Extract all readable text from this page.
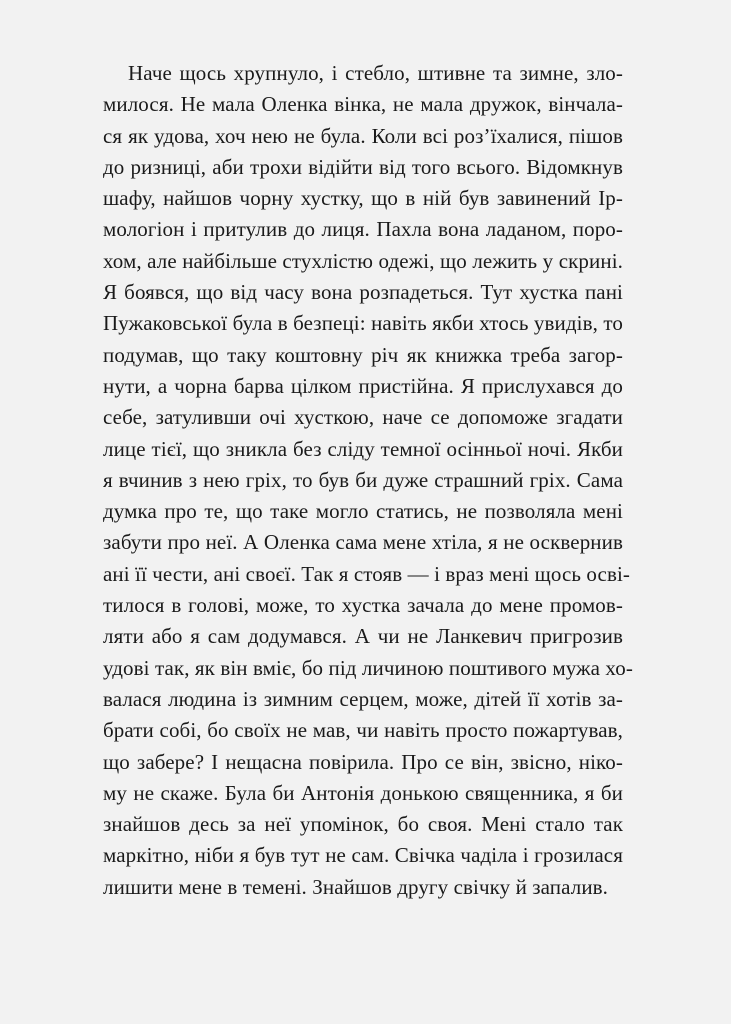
Наче щось хрупнуло, і стебло, штивне та зимне, зло-
милося. Не мала Оленка вінка, не мала дружок, вінчала-
ся як удова, хоч нею не була. Коли всі роз’їхалися, пішов
до ризниці, аби трохи відійти від того всього. Відомкнув
шафу, найшов чорну хустку, що в ній був завинений Ір-
мологіон і притулив до лиця. Пахла вона ладаном, поро-
хом, але найбільше стухлістю одежі, що лежить у скрині.
Я боявся, що від часу вона розпадеться. Тут хустка пані
Пужаковської була в безпеці: навіть якби хтось увидів, то
подумав, що таку коштовну річ як книжка треба загор-
нути, а чорна барва цілком пристійна. Я прислухався до
себе, затуливши очі хусткою, наче се допоможе згадати
лице тієї, що зникла без сліду темної осінньої ночі. Якби
я вчинив з нею гріх, то був би дуже страшний гріх. Сама
думка про те, що таке могло статись, не позволяла мені
забути про неї. А Оленка сама мене хтіла, я не осквернив
ані її чести, ані своєї. Так я стояв — і враз мені щось осві-
тилося в голові, може, то хустка зачала до мене промов-
ляти або я сам додумався. А чи не Ланкевич пригрозив
удові так, як він вміє, бо під личиною поштивого мужа хо-
валася людина із зимним серцем, може, дітей її хотів за-
брати собі, бо своїх не мав, чи навіть просто пожартував,
що забере? І нещасна повірила. Про се він, звісно, ніко-
му не скаже. Була би Антонія донькою священника, я би
знайшов десь за неї упомінок, бо своя. Мені стало так
маркітно, ніби я був тут не сам. Свічка чаділа і грозилася
лишити мене в темені. Знайшов другу свічку й запалив.
